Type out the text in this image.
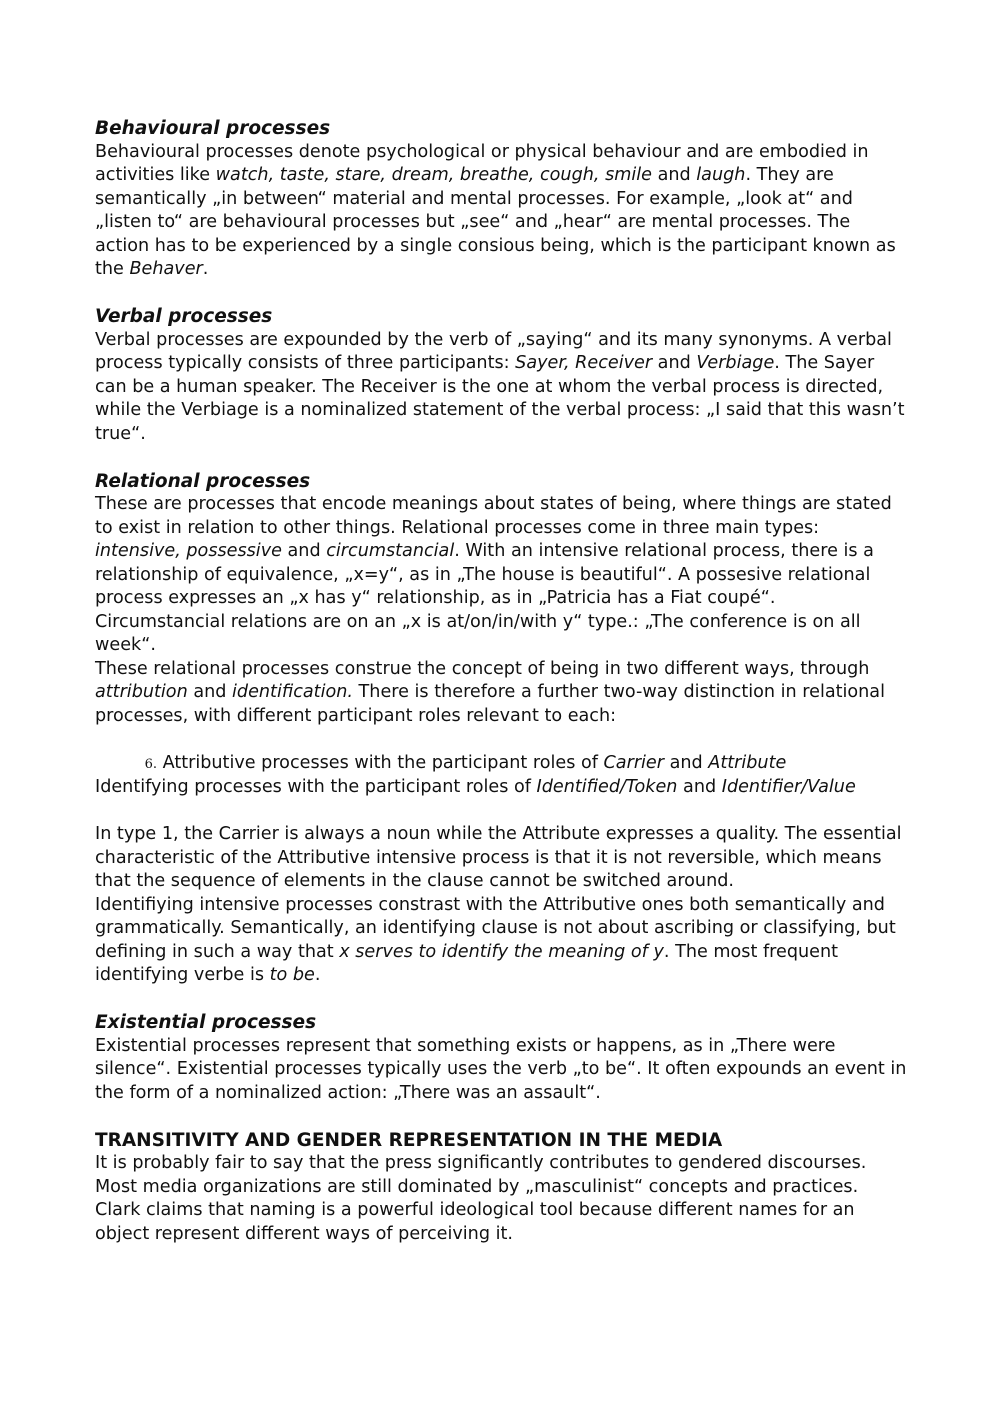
Behavioural processes

Behavioural processes denote psychological or physical behaviour and are embodied in activities like watch, taste, stare, dream, breathe, cough, smile and laugh. They are semantically „in between“ material and mental processes. For example, „look at“ and „listen to“ are behavioural processes but „see“ and „hear“ are mental processes. The action has to be experienced by a single consious being, which is the participant known as the Behaver.

Verbal processes

Verbal processes are expounded by the verb of „saying“ and its many synonyms. A verbal process typically consists of three participants: Sayer, Receiver and Verbiage. The Sayer can be a human speaker. The Receiver is the one at whom the verbal process is directed, while the Verbiage is a nominalized statement of the verbal process: „I said that this wasn’t true“.

Relational processes

These are processes that encode meanings about states of being, where things are stated to exist in relation to other things. Relational processes come in three main types: intensive, possessive and circumstancial. With an intensive relational process, there is a relationship of equivalence, „x=y“, as in „The house is beautiful“. A possesive relational process expresses an „x has y“ relationship, as in „Patricia has a Fiat coupé“. Circumstancial relations are on an „x is at/on/in/with y“ type.: „The conference is on all week“.

These relational processes construe the concept of being in two different ways, through attribution and identification. There is therefore a further two-way distinction in relational processes, with different participant roles relevant to each:

6. Attributive processes with the participant roles of Carrier and Attribute
Identifying processes with the participant roles of Identified/Token and Identifier/Value

In type 1, the Carrier is always a noun while the Attribute expresses a quality. The essential characteristic of the Attributive intensive process is that it is not reversible, which means that the sequence of elements in the clause cannot be switched around.

Identifiying intensive processes constrast with the Attributive ones both semantically and grammatically. Semantically, an identifying clause is not about ascribing or classifying, but defining in such a way that x serves to identify the meaning of y. The most frequent identifying verbe is to be.

Existential processes

Existential processes represent that something exists or happens, as in „There were silence“. Existential processes typically uses the verb „to be“. It often expounds an event in the form of a nominalized action: „There was an assault“.

TRANSITIVITY AND GENDER REPRESENTATION IN THE MEDIA

It is probably fair to say that the press significantly contributes to gendered discourses. Most media organizations are still dominated by „masculinist“ concepts and practices. Clark claims that naming is a powerful ideological tool because different names for an object represent different ways of perceiving it.
